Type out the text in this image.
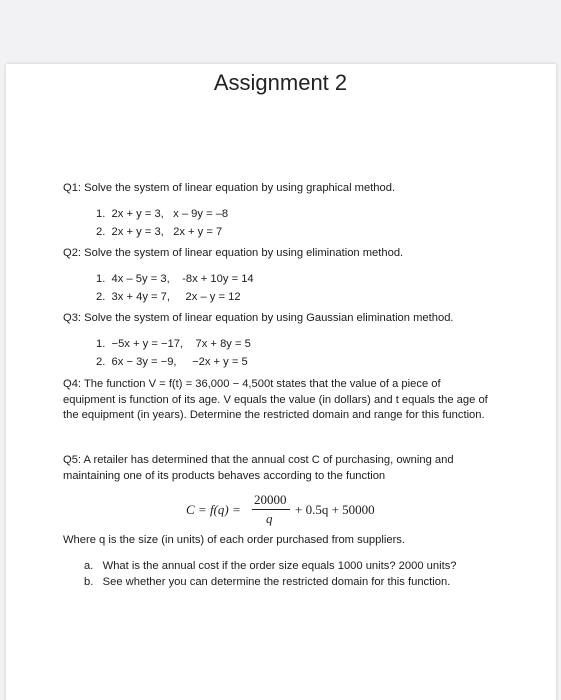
Assignment 2
Q1: Solve the system of linear equation by using graphical method.
1.  2x + y = 3,   x – 9y = –8
2.  2x + y = 3,   2x + y = 7
Q2: Solve the system of linear equation by using elimination method.
1.  4x – 5y = 3,    -8x + 10y = 14
2.  3x + 4y = 7,     2x – y = 12
Q3: Solve the system of linear equation by using Gaussian elimination method.
1.  −5x + y = −17,    7x + 8y = 5
2.  6x − 3y = −9,     −2x + y = 5
Q4: The function V = f(t) = 36,000 − 4,500t states that the value of a piece of equipment is function of its age. V equals the value (in dollars) and t equals the age of the equipment (in years). Determine the restricted domain and range for this function.
Q5: A retailer has determined that the annual cost C of purchasing, owning and maintaining one of its products behaves according to the function
C = f(q) =
20000
q
+ 0.5q + 50000
Where q is the size (in units) of each order purchased from suppliers.
a.   What is the annual cost if the order size equals 1000 units? 2000 units?
b.   See whether you can determine the restricted domain for this function.
